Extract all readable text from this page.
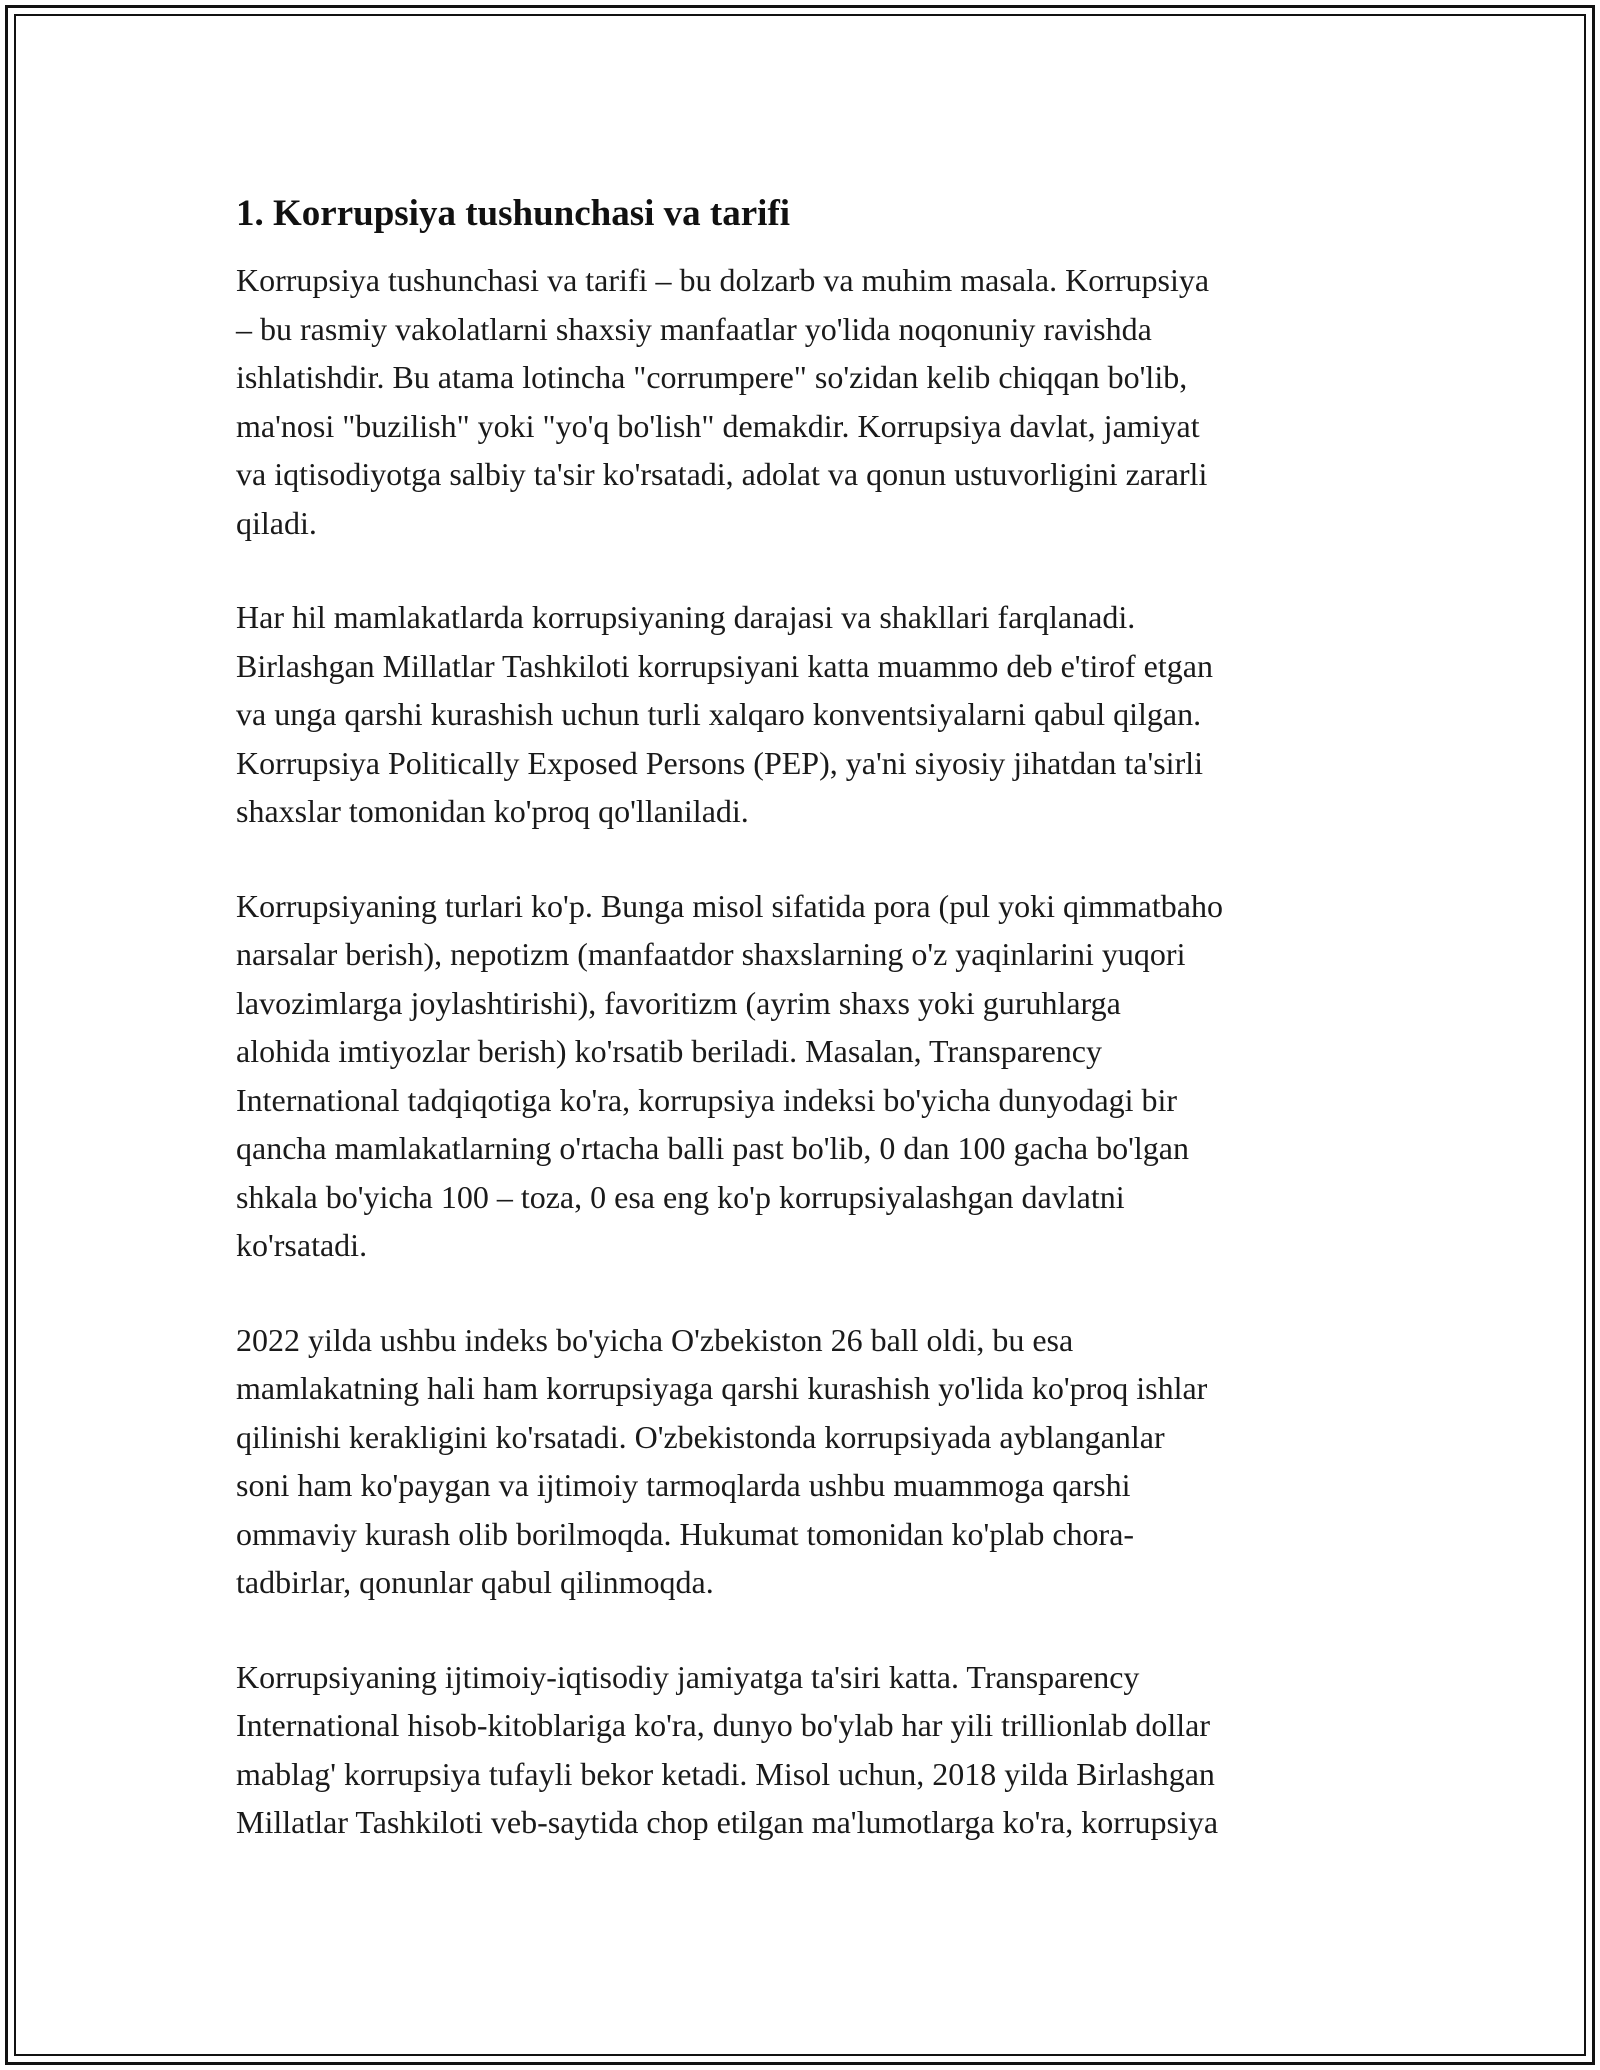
1. Korrupsiya tushunchasi va tarifi

Korrupsiya tushunchasi va tarifi – bu dolzarb va muhim masala. Korrupsiya
– bu rasmiy vakolatlarni shaxsiy manfaatlar yo'lida noqonuniy ravishda
ishlatishdir. Bu atama lotincha "corrumpere" so'zidan kelib chiqqan bo'lib,
ma'nosi "buzilish" yoki "yo'q bo'lish" demakdir. Korrupsiya davlat, jamiyat
va iqtisodiyotga salbiy ta'sir ko'rsatadi, adolat va qonun ustuvorligini zararli
qiladi.

Har hil mamlakatlarda korrupsiyaning darajasi va shakllari farqlanadi.
Birlashgan Millatlar Tashkiloti korrupsiyani katta muammo deb e'tirof etgan
va unga qarshi kurashish uchun turli xalqaro konventsiyalarni qabul qilgan.
Korrupsiya Politically Exposed Persons (PEP), ya'ni siyosiy jihatdan ta'sirli
shaxslar tomonidan ko'proq qo'llaniladi.

Korrupsiyaning turlari ko'p. Bunga misol sifatida pora (pul yoki qimmatbaho
narsalar berish), nepotizm (manfaatdor shaxslarning o'z yaqinlarini yuqori
lavozimlarga joylashtirishi), favoritizm (ayrim shaxs yoki guruhlarga
alohida imtiyozlar berish) ko'rsatib beriladi. Masalan, Transparency
International tadqiqotiga ko'ra, korrupsiya indeksi bo'yicha dunyodagi bir
qancha mamlakatlarning o'rtacha balli past bo'lib, 0 dan 100 gacha bo'lgan
shkala bo'yicha 100 – toza, 0 esa eng ko'p korrupsiyalashgan davlatni
ko'rsatadi.

2022 yilda ushbu indeks bo'yicha O'zbekiston 26 ball oldi, bu esa
mamlakatning hali ham korrupsiyaga qarshi kurashish yo'lida ko'proq ishlar
qilinishi kerakligini ko'rsatadi. O'zbekistonda korrupsiyada ayblanganlar
soni ham ko'paygan va ijtimoiy tarmoqlarda ushbu muammoga qarshi
ommaviy kurash olib borilmoqda. Hukumat tomonidan ko'plab chora-
tadbirlar, qonunlar qabul qilinmoqda.

Korrupsiyaning ijtimoiy-iqtisodiy jamiyatga ta'siri katta. Transparency
International hisob-kitoblariga ko'ra, dunyo bo'ylab har yili trillionlab dollar
mablag' korrupsiya tufayli bekor ketadi. Misol uchun, 2018 yilda Birlashgan
Millatlar Tashkiloti veb-saytida chop etilgan ma'lumotlarga ko'ra, korrupsiya
